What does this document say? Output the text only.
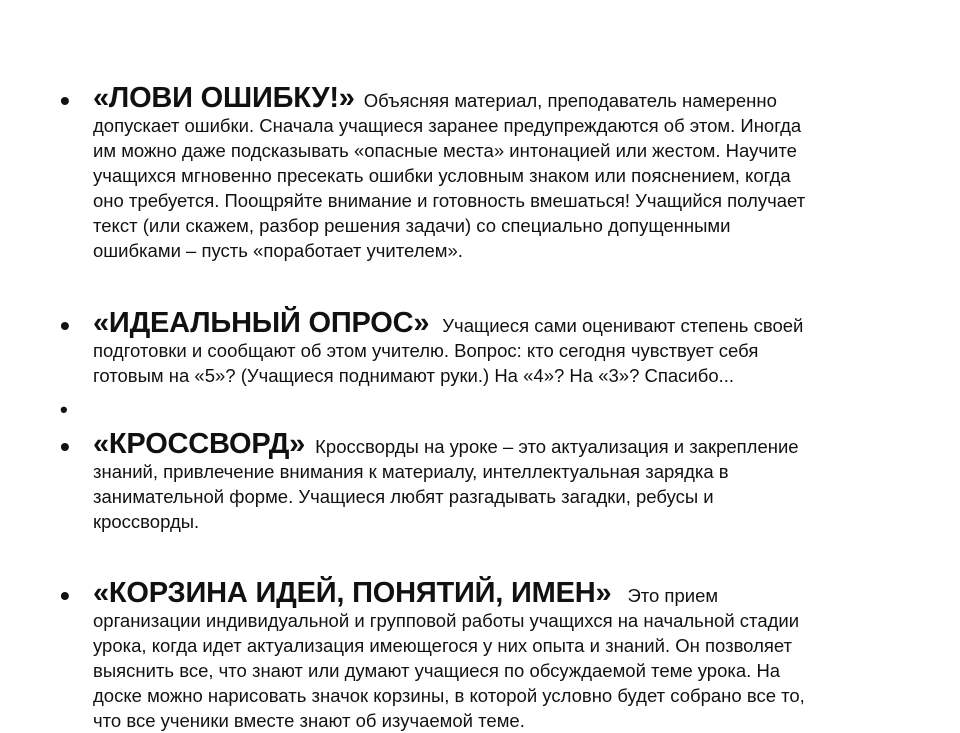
• «ЛОВИ ОШИБКУ!» Объясняя материал, преподаватель намеренно
допускает ошибки. Сначала учащиеся заранее предупреждаются об этом. Иногда
им можно даже подсказывать «опасные места» интонацией или жестом. Научите
учащихся мгновенно пресекать ошибки условным знаком или пояснением, когда
оно требуется. Поощряйте внимание и готовность вмешаться! Учащийся получает
текст (или скажем, разбор решения задачи) со специально допущенными
ошибками – пусть «поработает учителем».

• «ИДЕАЛЬНЫЙ ОПРОС» Учащиеся сами оценивают степень своей
подготовки и сообщают об этом учителю. Вопрос: кто сегодня чувствует себя
готовым на «5»? (Учащиеся поднимают руки.) На «4»? На «3»? Спасибо...

•
• «КРОССВОРД» Кроссворды на уроке – это актуализация и закрепление
знаний, привлечение внимания к материалу, интеллектуальная зарядка в
занимательной форме. Учащиеся любят разгадывать загадки, ребусы и
кроссворды.

• «КОРЗИНА ИДЕЙ, ПОНЯТИЙ, ИМЕН» Это прием
организации индивидуальной и групповой работы учащихся на начальной стадии
урока, когда идет актуализация имеющегося у них опыта и знаний. Он позволяет
выяснить все, что знают или думают учащиеся по обсуждаемой теме урока. На
доске можно нарисовать значок корзины, в которой условно будет собрано все то,
что все ученики вместе знают об изучаемой теме.
